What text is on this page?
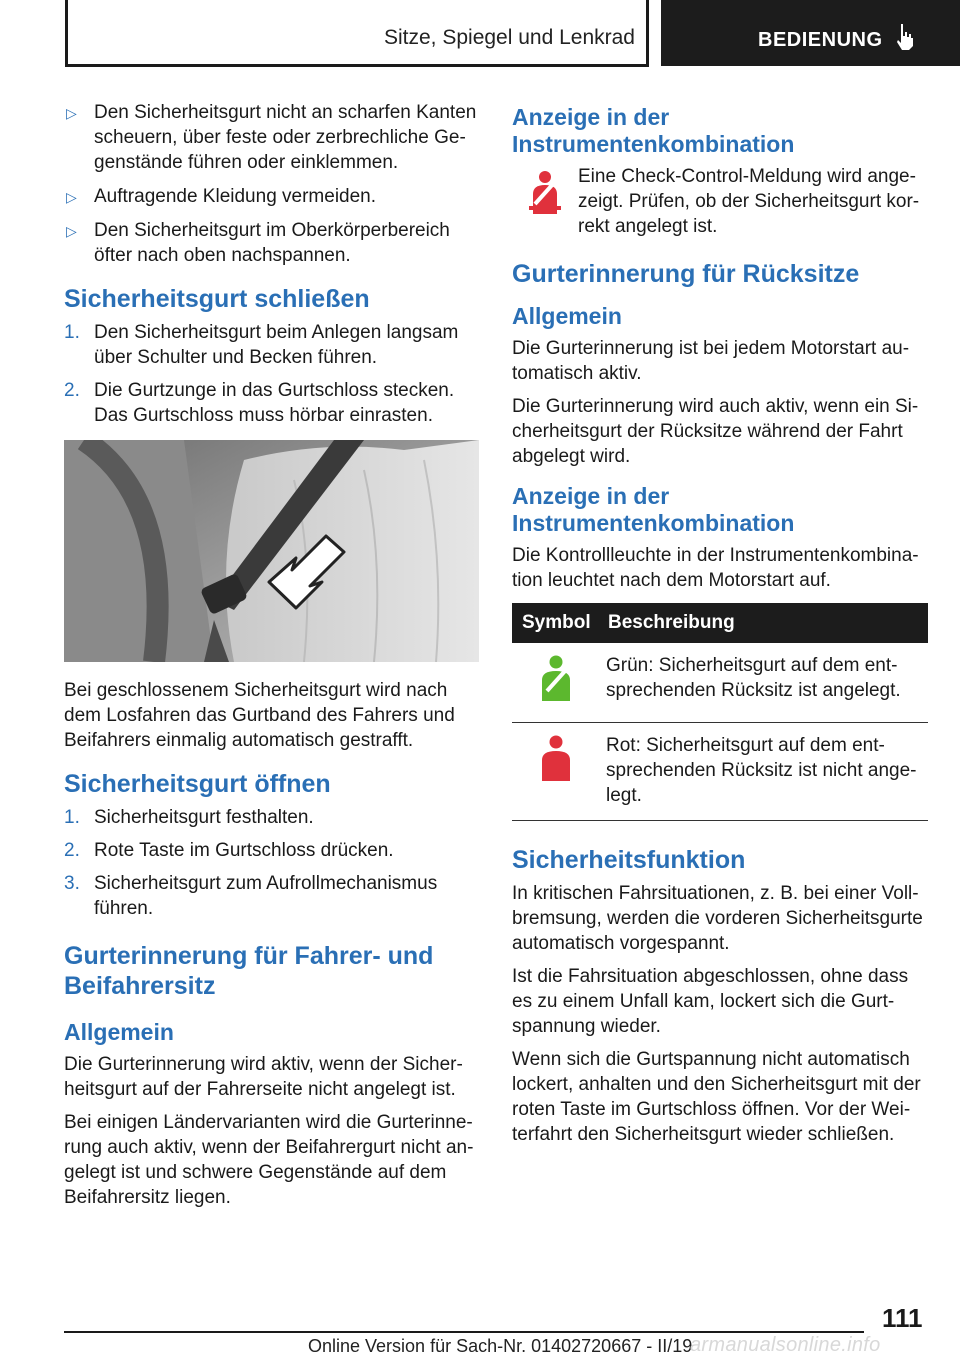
Sitze, Spiegel und Lenkrad	BEDIENUNG
▷ Den Sicherheitsgurt nicht an scharfen Kanten scheuern, über feste oder zerbrechliche Gegenstände führen oder einklemmen.
▷ Auftragende Kleidung vermeiden.
▷ Den Sicherheitsgurt im Oberkörperbereich öfter nach oben nachspannen.
Sicherheitsgurt schließen
1. Den Sicherheitsgurt beim Anlegen langsam über Schulter und Becken führen.
2. Die Gurtzunge in das Gurtschloss stecken. Das Gurtschloss muss hörbar einrasten.

Bei geschlossenem Sicherheitsgurt wird nach dem Losfahren das Gurtband des Fahrers und Beifahrers einmalig automatisch gestrafft.

Sicherheitsgurt öffnen
1. Sicherheitsgurt festhalten.
2. Rote Taste im Gurtschloss drücken.
3. Sicherheitsgurt zum Aufrollmechanismus führen.
Gurterinnerung für Fahrer- und Beifahrersitz
Allgemein

Die Gurterinnerung wird aktiv, wenn der Sicherheitsgurt auf der Fahrerseite nicht angelegt ist.

Bei einigen Ländervarianten wird die Gurterinnerung auch aktiv, wenn der Beifahrergurt nicht angelegt ist und schwere Gegenstände auf dem Beifahrersitz liegen.

Anzeige in der Instrumentenkombination
Eine Check-Control-Meldung wird angezeigt. Prüfen, ob der Sicherheitsgurt korrekt angelegt ist.
Gurterinnerung für Rücksitze
Allgemein

Die Gurterinnerung ist bei jedem Motorstart automatisch aktiv.

Die Gurterinnerung wird auch aktiv, wenn ein Sicherheitsgurt der Rücksitze während der Fahrt abgelegt wird.

Anzeige in der Instrumentenkombination

Die Kontrollleuchte in der Instrumentenkombination leuchtet nach dem Motorstart auf.

Symbol	Beschreibung
	Grün: Sicherheitsgurt auf dem entsprechenden Rücksitz ist angelegt.
	Rot: Sicherheitsgurt auf dem entsprechenden Rücksitz ist nicht angelegt.
Sicherheitsfunktion

In kritischen Fahrsituationen, z. B. bei einer Vollbremsung, werden die vorderen Sicherheitsgurte automatisch vorgespannt.

Ist die Fahrsituation abgeschlossen, ohne dass es zu einem Unfall kam, lockert sich die Gurtspannung wieder.

Wenn sich die Gurtspannung nicht automatisch lockert, anhalten und den Sicherheitsgurt mit der roten Taste im Gurtschloss öffnen. Vor der Weiterfahrt den Sicherheitsgurt wieder schließen.

111
Online Version für Sach-Nr. 01402720667 - II/19
armanualsonline.info
